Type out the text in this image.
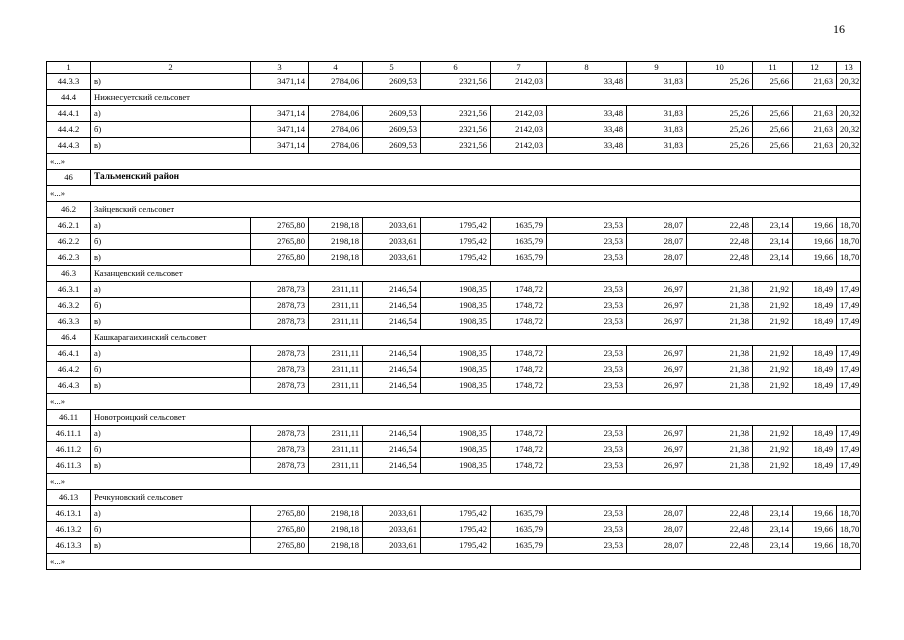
16
1	2	3	4	5	6	7	8	9	10	11	12	13
44.3.3	в)	3471,14	2784,06	2609,53	2321,56	2142,03	33,48	31,83	25,26	25,66	21,63	20,32
44.4	Нижнесуетский сельсовет											
44.4.1	а)	3471,14	2784,06	2609,53	2321,56	2142,03	33,48	31,83	25,26	25,66	21,63	20,32
44.4.2	б)	3471,14	2784,06	2609,53	2321,56	2142,03	33,48	31,83	25,26	25,66	21,63	20,32
44.4.3	в)	3471,14	2784,06	2609,53	2321,56	2142,03	33,48	31,83	25,26	25,66	21,63	20,32
«...»												
46	Тальменский район											
«...»												
46.2	Зайцевский сельсовет											
46.2.1	а)	2765,80	2198,18	2033,61	1795,42	1635,79	23,53	28,07	22,48	23,14	19,66	18,70
46.2.2	б)	2765,80	2198,18	2033,61	1795,42	1635,79	23,53	28,07	22,48	23,14	19,66	18,70
46.2.3	в)	2765,80	2198,18	2033,61	1795,42	1635,79	23,53	28,07	22,48	23,14	19,66	18,70
46.3	Казанцевский сельсовет											
46.3.1	а)	2878,73	2311,11	2146,54	1908,35	1748,72	23,53	26,97	21,38	21,92	18,49	17,49
46.3.2	б)	2878,73	2311,11	2146,54	1908,35	1748,72	23,53	26,97	21,38	21,92	18,49	17,49
46.3.3	в)	2878,73	2311,11	2146,54	1908,35	1748,72	23,53	26,97	21,38	21,92	18,49	17,49
46.4	Кашкарагаихинский сельсовет											
46.4.1	а)	2878,73	2311,11	2146,54	1908,35	1748,72	23,53	26,97	21,38	21,92	18,49	17,49
46.4.2	б)	2878,73	2311,11	2146,54	1908,35	1748,72	23,53	26,97	21,38	21,92	18,49	17,49
46.4.3	в)	2878,73	2311,11	2146,54	1908,35	1748,72	23,53	26,97	21,38	21,92	18,49	17,49
«...»												
46.11	Новотроицкий сельсовет											
46.11.1	а)	2878,73	2311,11	2146,54	1908,35	1748,72	23,53	26,97	21,38	21,92	18,49	17,49
46.11.2	б)	2878,73	2311,11	2146,54	1908,35	1748,72	23,53	26,97	21,38	21,92	18,49	17,49
46.11.3	в)	2878,73	2311,11	2146,54	1908,35	1748,72	23,53	26,97	21,38	21,92	18,49	17,49
«...»												
46.13	Речкуновский сельсовет											
46.13.1	а)	2765,80	2198,18	2033,61	1795,42	1635,79	23,53	28,07	22,48	23,14	19,66	18,70
46.13.2	б)	2765,80	2198,18	2033,61	1795,42	1635,79	23,53	28,07	22,48	23,14	19,66	18,70
46.13.3	в)	2765,80	2198,18	2033,61	1795,42	1635,79	23,53	28,07	22,48	23,14	19,66	18,70
«...»												
